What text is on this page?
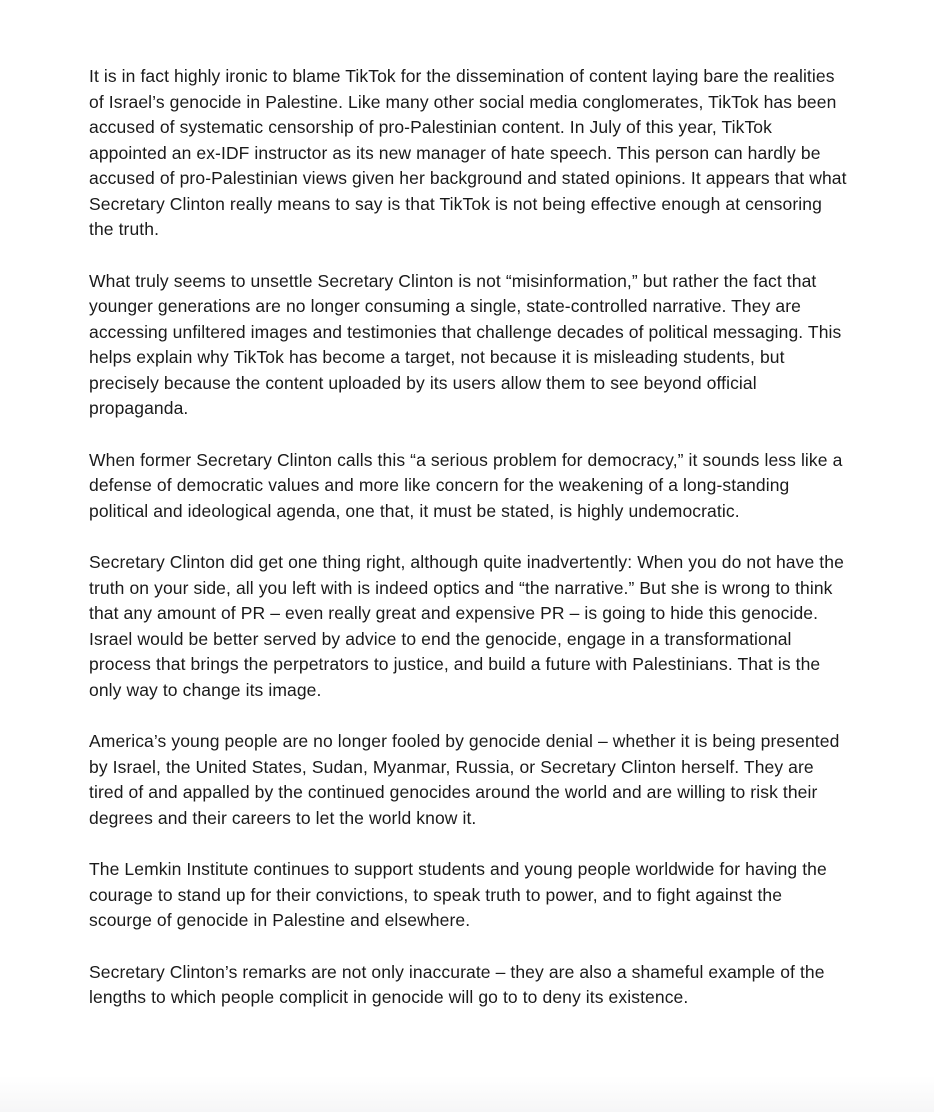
It is in fact highly ironic to blame TikTok for the dissemination of content laying bare the realities of Israel’s genocide in Palestine. Like many other social media conglomerates, TikTok has been accused of systematic censorship of pro-Palestinian content. In July of this year, TikTok appointed an ex-IDF instructor as its new manager of hate speech. This person can hardly be accused of pro-Palestinian views given her background and stated opinions. It appears that what Secretary Clinton really means to say is that TikTok is not being effective enough at censoring the truth.

What truly seems to unsettle Secretary Clinton is not “misinformation,” but rather the fact that younger generations are no longer consuming a single, state-controlled narrative. They are accessing unfiltered images and testimonies that challenge decades of political messaging. This helps explain why TikTok has become a target, not because it is misleading students, but precisely because the content uploaded by its users allow them to see beyond official propaganda.

When former Secretary Clinton calls this “a serious problem for democracy,” it sounds less like a defense of democratic values and more like concern for the weakening of a long-standing political and ideological agenda, one that, it must be stated, is highly undemocratic.

Secretary Clinton did get one thing right, although quite inadvertently: When you do not have the truth on your side, all you left with is indeed optics and “the narrative.” But she is wrong to think that any amount of PR – even really great and expensive PR – is going to hide this genocide. Israel would be better served by advice to end the genocide, engage in a transformational process that brings the perpetrators to justice, and build a future with Palestinians. That is the only way to change its image.

America’s young people are no longer fooled by genocide denial – whether it is being presented by Israel, the United States, Sudan, Myanmar, Russia, or Secretary Clinton herself. They are tired of and appalled by the continued genocides around the world and are willing to risk their degrees and their careers to let the world know it.

The Lemkin Institute continues to support students and young people worldwide for having the courage to stand up for their convictions, to speak truth to power, and to fight against the scourge of genocide in Palestine and elsewhere.

Secretary Clinton’s remarks are not only inaccurate – they are also a shameful example of the lengths to which people complicit in genocide will go to to deny its existence.
